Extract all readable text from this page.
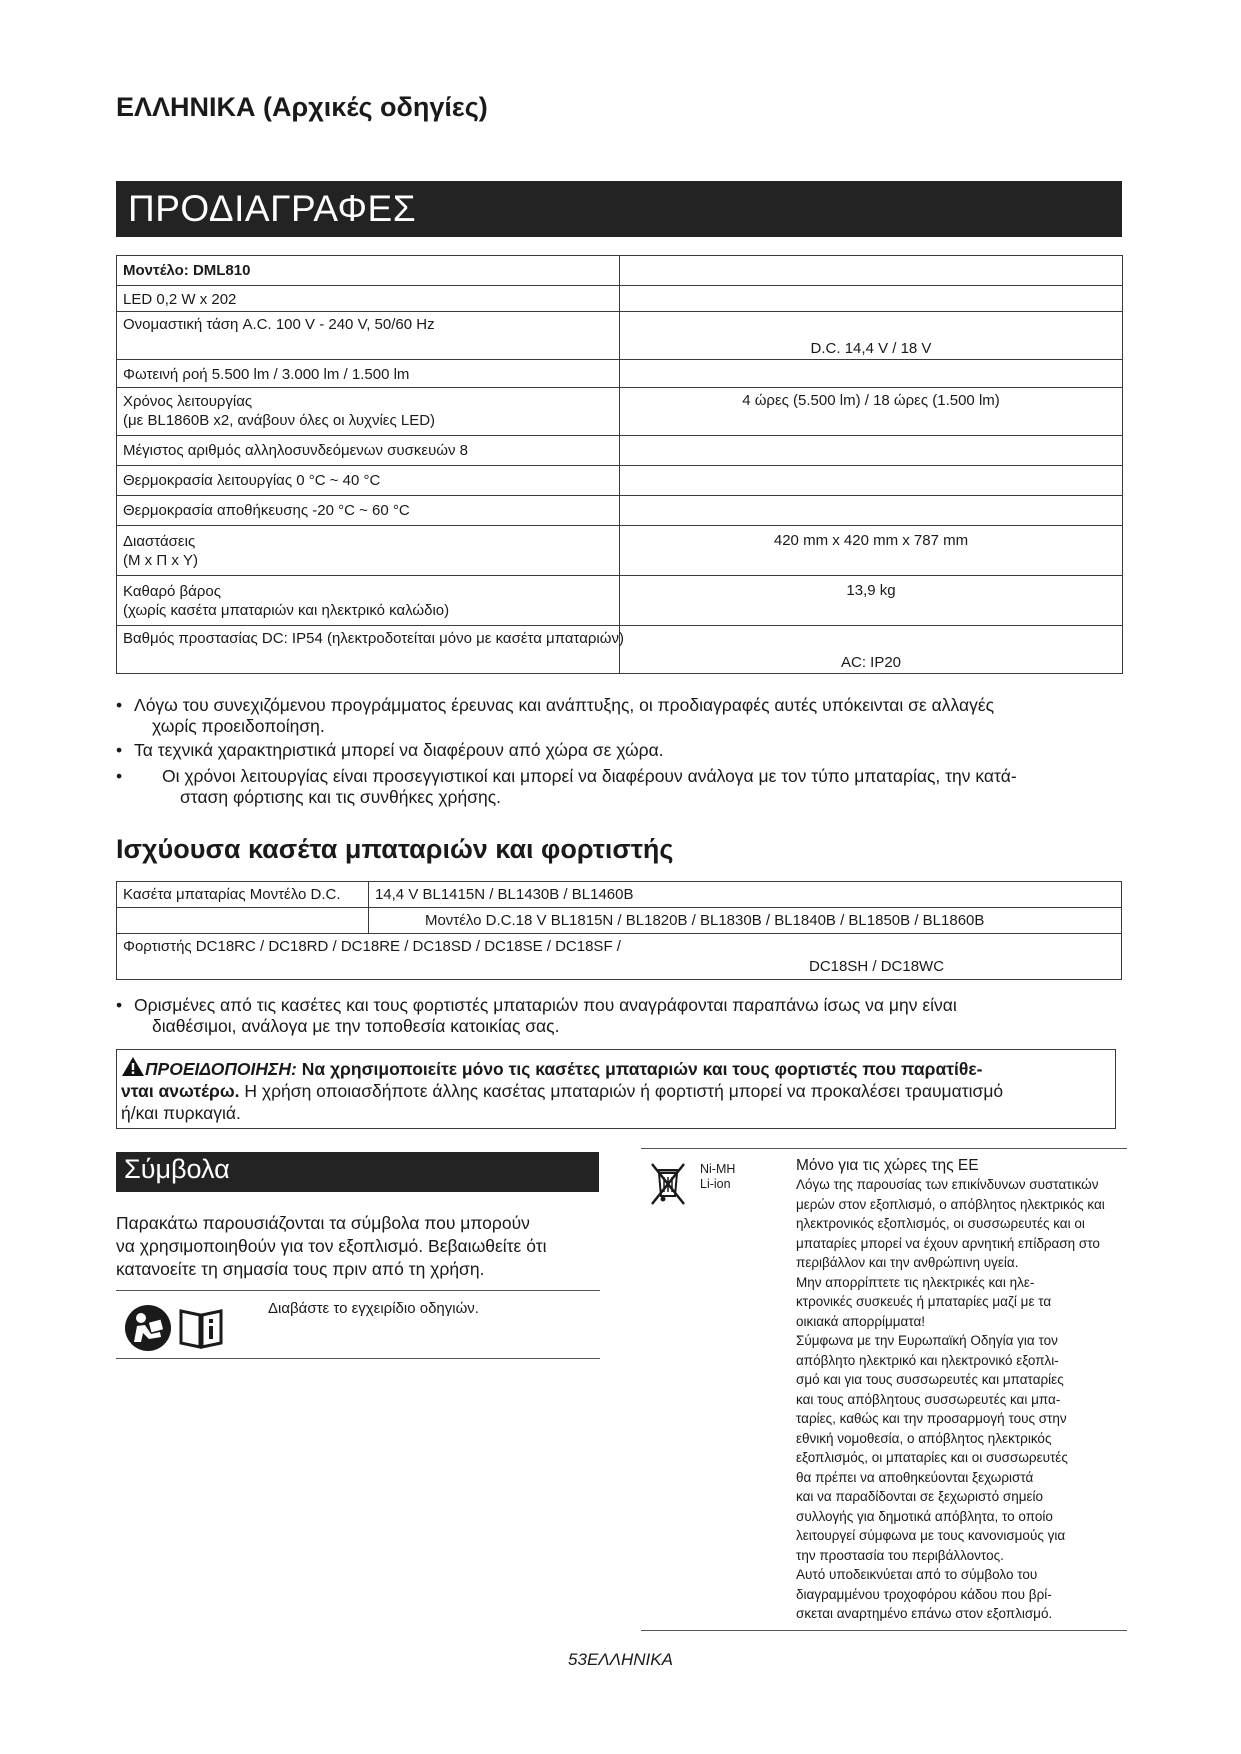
ΕΛΛΗΝΙΚΑ (Αρχικές οδηγίες)
ΠΡΟΔΙΑΓΡΑΦΕΣ
Μοντέλο: DML810	
LED 0,2 W x 202	
Ονομαστική τάση A.C. 100 V - 240 V, 50/60 Hz	D.C. 14,4 V / 18 V
Φωτεινή ροή 5.500 lm / 3.000 lm / 1.500 lm	

Χρόνος λειτουργίας
(με BL1860B x2, ανάβουν όλες οι λυχνίες LED)	4 ώρες (5.500 lm) / 18 ώρες (1.500 lm)
Μέγιστος αριθμός αλληλοσυνδεόμενων συσκευών 8	
Θερμοκρασία λειτουργίας 0 °C ~ 40 °C	
Θερμοκρασία αποθήκευσης -20 °C ~ 60 °C	

Διαστάσεις
(Μ x Π x Υ)	420 mm x 420 mm x 787 mm

Καθαρό βάρος
(χωρίς κασέτα μπαταριών και ηλεκτρικό καλώδιο)	13,9 kg
Βαθμός προστασίας DC: IP54 (ηλεκτροδοτείται μόνο με κασέτα μπαταριών)	AC: IP20
• Λόγω του συνεχιζόμενου προγράμματος έρευνας και ανάπτυξης, οι προδιαγραφές αυτές υπόκεινται σε αλλαγές
χωρίς προειδοποίηση.
• Τα τεχνικά χαρακτηριστικά μπορεί να διαφέρουν από χώρα σε χώρα.
• Οι χρόνοι λειτουργίας είναι προσεγγιστικοί και μπορεί να διαφέρουν ανάλογα με τον τύπο μπαταρίας, την κατά-
σταση φόρτισης και τις συνθήκες χρήσης.
Ισχύουσα κασέτα μπαταριών και φορτιστής
Κασέτα μπαταρίας Μοντέλο D.C.	14,4 V BL1415N / BL1430B / BL1460B
	Μοντέλο D.C.18 V BL1815N / BL1820B / BL1830B / BL1840B / BL1850B / BL1860B

Φορτιστής DC18RC / DC18RD / DC18RE / DC18SD / DC18SE / DC18SF /
DC18SH / DC18WC	
• Ορισμένες από τις κασέτες και τους φορτιστές μπαταριών που αναγράφονται παραπάνω ίσως να μην είναι
διαθέσιμοι, ανάλογα με την τοποθεσία κατοικίας σας.
ΠΡΟΕΙΔΟΠΟΙΗΣΗ: Να χρησιμοποιείτε μόνο τις κασέτες μπαταριών και τους φορτιστές που παρατίθε-
νται ανωτέρω. Η χρήση οποιασδήποτε άλλης κασέτας μπαταριών ή φορτιστή μπορεί να προκαλέσει τραυματισμό
ή/και πυρκαγιά.
Σύμβολα
Παρακάτω παρουσιάζονται τα σύμβολα που μπορούν
να χρησιμοποιηθούν για τον εξοπλισμό. Βεβαιωθείτε ότι
κατανοείτε τη σημασία τους πριν από τη χρήση.
Διαβάστε το εγχειρίδιο οδηγιών.
Ni-MH
Li-ion
Μόνο για τις χώρες της ΕΕ
Λόγω της παρουσίας των επικίνδυνων συστατικών
μερών στον εξοπλισμό, ο απόβλητος ηλεκτρικός και
ηλεκτρονικός εξοπλισμός, οι συσσωρευτές και οι
μπαταρίες μπορεί να έχουν αρνητική επίδραση στο
περιβάλλον και την ανθρώπινη υγεία.
Μην απορρίπτετε τις ηλεκτρικές και ηλε-
κτρονικές συσκευές ή μπαταρίες μαζί με τα
οικιακά απορρίμματα!
Σύμφωνα με την Ευρωπαϊκή Οδηγία για τον
απόβλητο ηλεκτρικό και ηλεκτρονικό εξοπλι-
σμό και για τους συσσωρευτές και μπαταρίες
και τους απόβλητους συσσωρευτές και μπα-
ταρίες, καθώς και την προσαρμογή τους στην
εθνική νομοθεσία, ο απόβλητος ηλεκτρικός
εξοπλισμός, οι μπαταρίες και οι συσσωρευτές
θα πρέπει να αποθηκεύονται ξεχωριστά
και να παραδίδονται σε ξεχωριστό σημείο
συλλογής για δημοτικά απόβλητα, το οποίο
λειτουργεί σύμφωνα με τους κανονισμούς για
την προστασία του περιβάλλοντος.
Αυτό υποδεικνύεται από το σύμβολο του
διαγραμμένου τροχοφόρου κάδου που βρί-
σκεται αναρτημένο επάνω στον εξοπλισμό.
53ΕΛΛΗΝΙΚΑ
